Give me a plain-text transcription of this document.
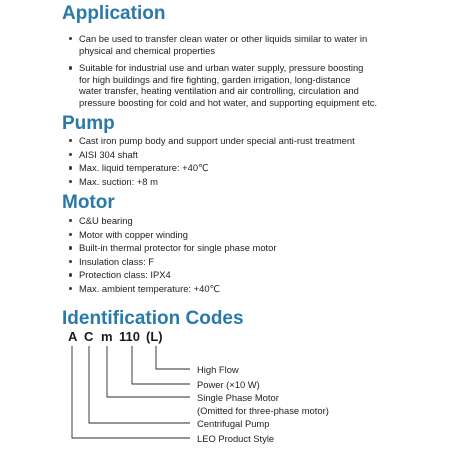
Application
Can be used to transfer clean water or other liquids similar to water in
physical and chemical properties
Suitable for industrial use and urban water supply, pressure boosting
for high buildings and fire fighting, garden irrigation, long-distance
water transfer, heating ventilation and air controlling, circulation and
pressure boosting for cold and hot water, and supporting equipment etc.
Pump
Cast iron pump body and support under special anti-rust treatment
AISI 304 shaft
Max. liquid temperature: +40℃
Max. suction: +8 m
Motor
C&U bearing
Motor with copper winding
Built-in thermal protector for single phase motor
Insulation class: F
Protection class: IPX4
Max. ambient temperature: +40℃
Identification Codes
A C m 110 (L)
High Flow
Power (×10 W)
Single Phase Motor
(Omitted for three-phase motor)
Centrifugal Pump
LEO Product Style
